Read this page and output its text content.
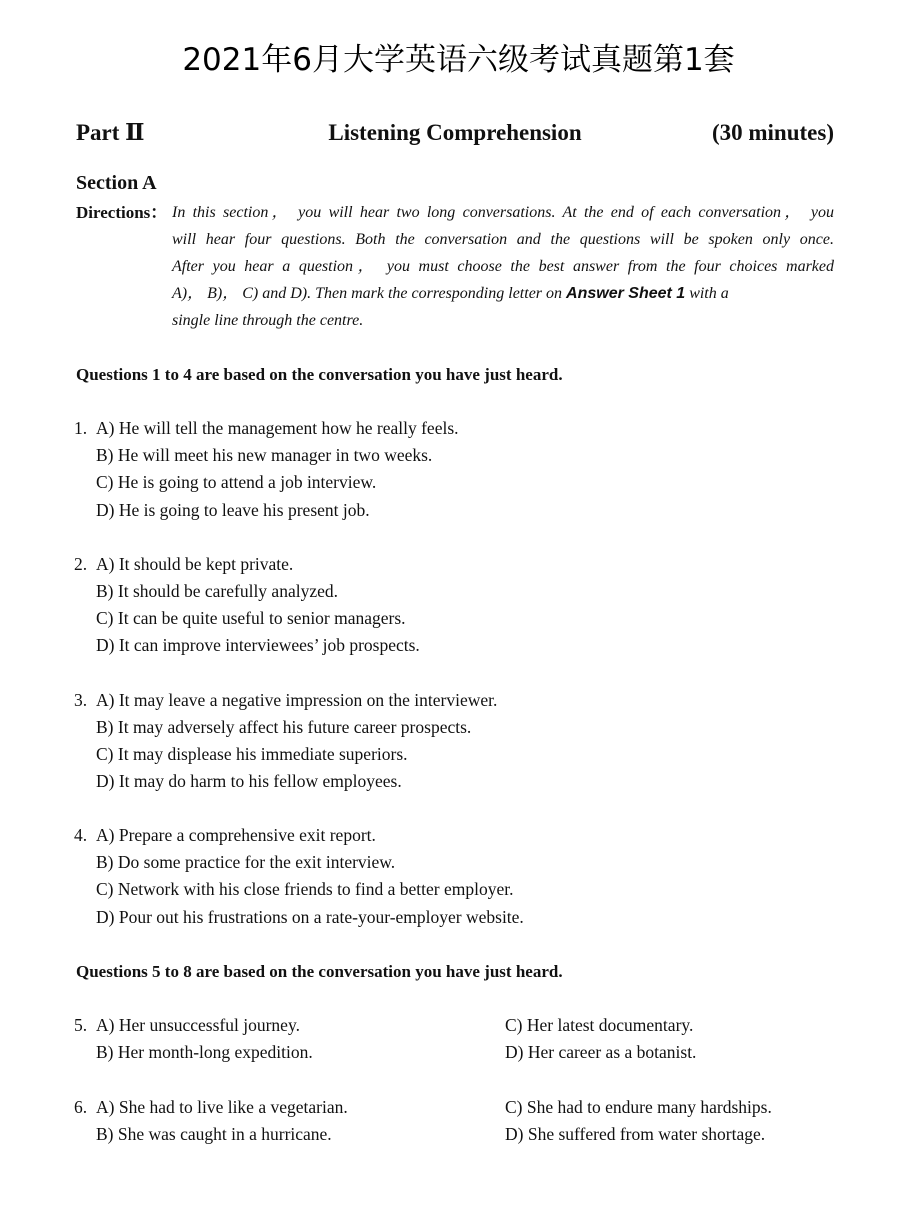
2021年6月大学英语六级考试真题第1套
Listening Comprehension
Part Ⅱ	(30 minutes)
Section A
Directions： In this section， you will hear two long conversations. At the end of each conversation， you
will hear four questions. Both the conversation and the questions will be spoken only once.
After you hear a question， you must choose the best answer from the four choices marked
A)， B)， C) and D). Then mark the corresponding letter on Answer Sheet 1 with a
single line through the centre.
Questions 1 to 4 are based on the conversation you have just heard.
1. A) He will tell the management how he really feels.
B) He will meet his new manager in two weeks.
C) He is going to attend a job interview.
D) He is going to leave his present job.
2. A) It should be kept private.
B) It should be carefully analyzed.
C) It can be quite useful to senior managers.
D) It can improve interviewees’ job prospects.
3. A) It may leave a negative impression on the interviewer.
B) It may adversely affect his future career prospects.
C) It may displease his immediate superiors.
D) It may do harm to his fellow employees.
4. A) Prepare a comprehensive exit report.
B) Do some practice for the exit interview.
C) Network with his close friends to find a better employer.
D) Pour out his frustrations on a rate-your-employer website.
Questions 5 to 8 are based on the conversation you have just heard.
5. A) Her unsuccessful journey.
B) Her month-long expedition.
C) Her latest documentary.
D) Her career as a botanist.
6. A) She had to live like a vegetarian.
B) She was caught in a hurricane.
C) She had to endure many hardships.
D) She suffered from water shortage.
